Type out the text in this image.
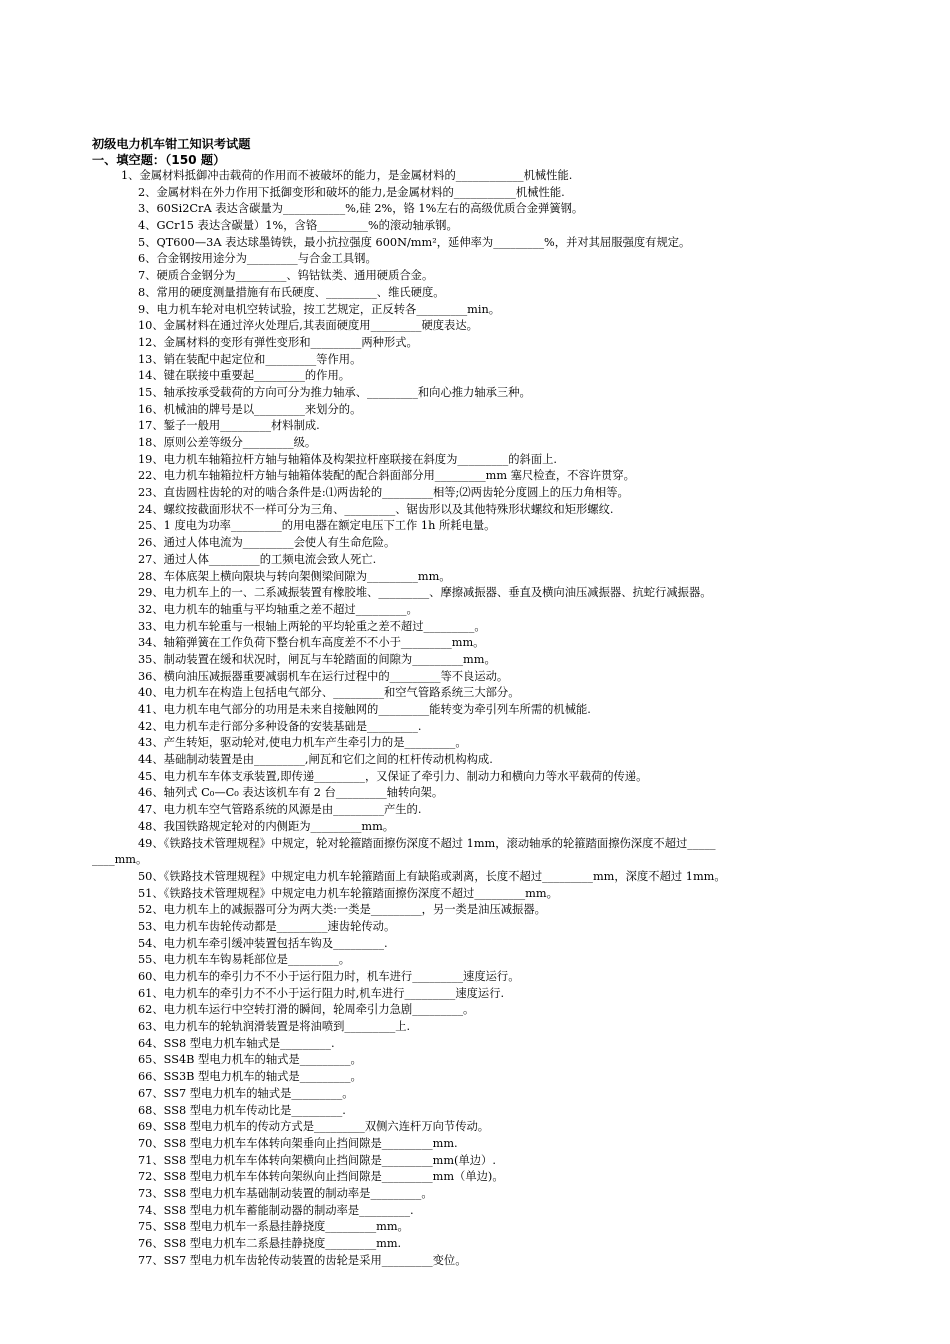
初级电力机车钳工知识考试题
一、填空题：（150 题）
1、金属材料抵御冲击载荷的作用而不被破坏的能力，是金属材料的____________机械性能.
2、金属材料在外力作用下抵御变形和破坏的能力,是金属材料的___________机械性能.
3、60Si2CrA 表达含碳量为___________%,硅 2%，铬 1%左右的高级优质合金弹簧钢。
4、GCr15 表达含碳量）1%，含铬_________%的滚动轴承钢。
5、QT600—3A 表达球墨铸铁，最小抗拉强度 600N/mm²，延伸率为_________%，并对其屈服强度有规定。
6、合金钢按用途分为_________与合金工具钢。
7、硬质合金钢分为_________、钨钴钛类、通用硬质合金。
8、常用的硬度测量措施有布氏硬度、_________、维氏硬度。
9、电力机车轮对电机空转试验，按工艺规定，正反转各_________min。
10、金属材料在通过淬火处理后,其表面硬度用_________硬度表达。
12、金属材料的变形有弹性变形和_________两种形式。
13、销在装配中起定位和_________等作用。
14、键在联接中重要起_________的作用。
15、轴承按承受载荷的方向可分为推力轴承、_________和向心推力轴承三种。
16、机械油的牌号是以_________来划分的。
17、錾子一般用_________材料制成.
18、原则公差等级分_________级。
19、电力机车轴箱拉杆方轴与轴箱体及构架拉杆座联接在斜度为_________的斜面上.
22、电力机车轴箱拉杆方轴与轴箱体装配的配合斜面部分用_________mm 塞尺检查，不容许贯穿。
23、直齿圆柱齿轮的对的啮合条件是:⑴两齿轮的_________相等;⑵两齿轮分度圆上的压力角相等。
24、螺纹按截面形状不一样可分为三角、_________、锯齿形以及其他特殊形状螺纹和矩形螺纹.
25、1 度电为功率_________的用电器在额定电压下工作 1h 所耗电量。
26、通过人体电流为_________会使人有生命危险。
27、通过人体_________的工频电流会致人死亡.
28、车体底架上横向限块与转向架侧梁间隙为_________mm。
29、电力机车上的一、二系减振装置有橡胶堆、_________、摩擦减振器、垂直及横向油压减振器、抗蛇行减振器。
32、电力机车的轴重与平均轴重之差不超过_________。
33、电力机车轮重与一根轴上两轮的平均轮重之差不超过_________。
34、轴箱弹簧在工作负荷下整台机车高度差不不小于_________mm。
35、制动装置在缓和状况时，闸瓦与车轮踏面的间隙为_________mm。
36、横向油压减振器重要减弱机车在运行过程中的_________等不良运动。
40、电力机车在构造上包括电气部分、_________和空气管路系统三大部分。
41、电力机车电气部分的功用是未来自接触网的_________能转变为牵引列车所需的机械能.
42、电力机车走行部分多种设备的安装基础是_________.
43、产生转矩，驱动轮对,使电力机车产生牵引力的是_________。
44、基础制动装置是由_________,闸瓦和它们之间的杠杆传动机构构成.
45、电力机车车体支承装置,即传递_________，又保证了牵引力、制动力和横向力等水平载荷的传递。
46、轴列式 C₀—C₀ 表达该机车有 2 台_________轴转向架。
47、电力机车空气管路系统的风源是由_________产生的.
48、我国铁路规定轮对的内侧距为_________mm。
49、《铁路技术管理规程》中规定，轮对轮箍踏面擦伤深度不超过 1mm，滚动轴承的轮箍踏面擦伤深度不超过_____
____mm。
50、《铁路技术管理规程》中规定电力机车轮箍踏面上有缺陷或剥离，长度不超过_________mm，深度不超过 1mm。
51、《铁路技术管理规程》中规定电力机车轮箍踏面擦伤深度不超过_________mm。
52、电力机车上的减振器可分为两大类:一类是_________，另一类是油压减振器。
53、电力机车齿轮传动都是_________速齿轮传动。
54、电力机车牵引缓冲装置包括车钩及_________.
55、电力机车车钩易耗部位是_________。
60、电力机车的牵引力不不小于运行阻力时，机车进行_________速度运行。
61、电力机车的牵引力不不小于运行阻力时,机车进行_________速度运行.
62、电力机车运行中空转打滑的瞬间，轮周牵引力急剧_________。
63、电力机车的轮轨润滑装置是将油喷到_________上.
64、SS8 型电力机车轴式是_________.
65、SS4B 型电力机车的轴式是_________。
66、SS3B 型电力机车的轴式是_________。
67、SS7 型电力机车的轴式是_________。
68、SS8 型电力机车传动比是_________.
69、SS8 型电力机车的传动方式是_________双侧六连杆万向节传动。
70、SS8 型电力机车车体转向架垂向止挡间隙是_________mm.
71、SS8 型电力机车车体转向架横向止挡间隙是_________mm(单边）.
72、SS8 型电力机车车体转向架纵向止挡间隙是_________mm（单边)。
73、SS8 型电力机车基础制动装置的制动率是_________。
74、SS8 型电力机车蓄能制动器的制动率是_________.
75、SS8 型电力机车一系悬挂静挠度_________mm。
76、SS8 型电力机车二系悬挂静挠度_________mm.
77、SS7 型电力机车齿轮传动装置的齿轮是采用_________变位。
